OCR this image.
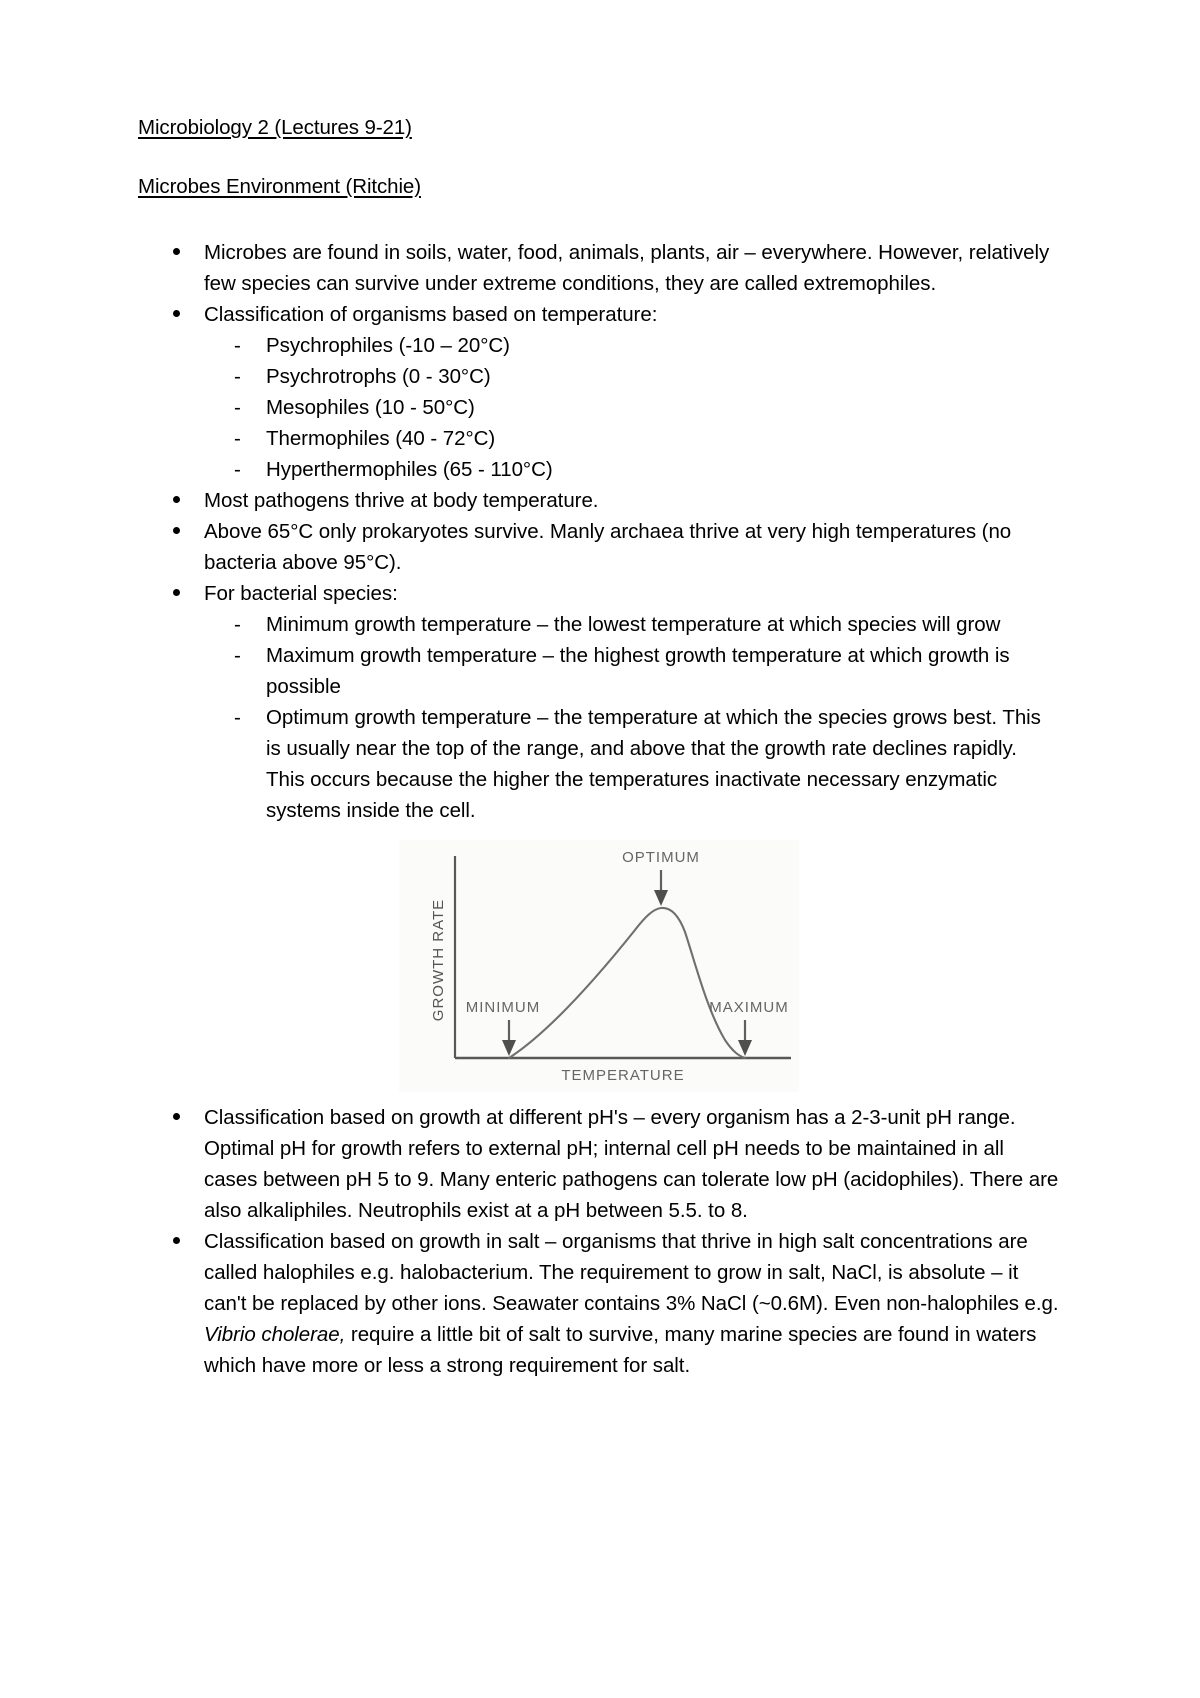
Microbiology 2 (Lectures 9-21)
Microbes Environment (Ritchie)
Microbes are found in soils, water, food, animals, plants, air – everywhere. However, relatively few species can survive under extreme conditions, they are called extremophiles.
Classification of organisms based on temperature:
- Psychrophiles (-10 – 20°C)
- Psychrotrophs (0 - 30°C)
- Mesophiles (10 - 50°C)
- Thermophiles (40 - 72°C)
- Hyperthermophiles (65 - 110°C)
Most pathogens thrive at body temperature.
Above 65°C only prokaryotes survive. Manly archaea thrive at very high temperatures (no bacteria above 95°C).
For bacterial species:
- Minimum growth temperature – the lowest temperature at which species will grow
- Maximum growth temperature – the highest growth temperature at which growth is possible
- Optimum growth temperature – the temperature at which the species grows best. This is usually near the top of the range, and above that the growth rate declines rapidly. This occurs because the higher the temperatures inactivate necessary enzymatic systems inside the cell.
OPTIMUM
MINIMUM	MAXIMUM
GROWTH RATE
TEMPERATURE
Classification based on growth at different pH's – every organism has a 2-3-unit pH range. Optimal pH for growth refers to external pH; internal cell pH needs to be maintained in all cases between pH 5 to 9. Many enteric pathogens can tolerate low pH (acidophiles). There are also alkaliphiles. Neutrophils exist at a pH between 5.5. to 8.
Classification based on growth in salt – organisms that thrive in high salt concentrations are called halophiles e.g. halobacterium. The requirement to grow in salt, NaCl, is absolute – it can't be replaced by other ions. Seawater contains 3% NaCl (~0.6M). Even non-halophiles e.g. Vibrio cholerae, require a little bit of salt to survive, many marine species are found in waters which have more or less a strong requirement for salt.
